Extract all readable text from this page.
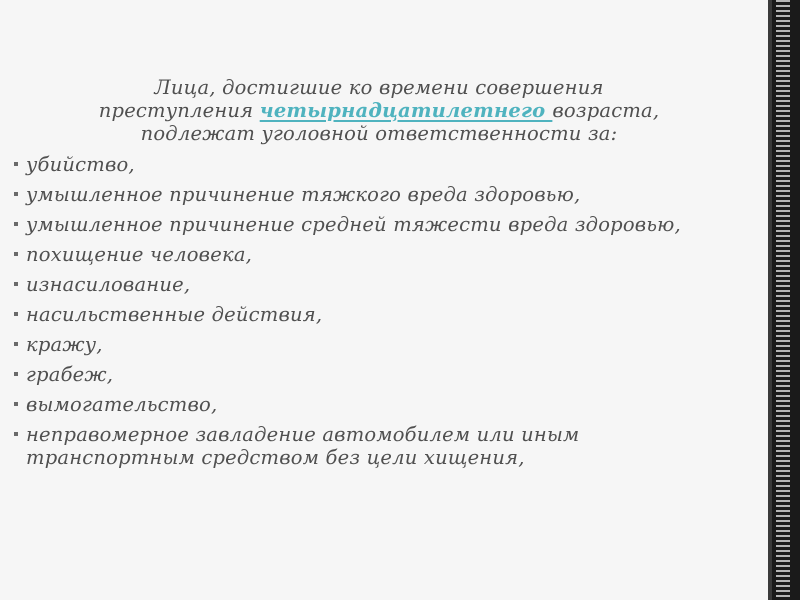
Лица, достигшие ко времени совершения
преступления четырнадцатилетнего возраста,
подлежат уголовной ответственности за:

убийство,
умышленное причинение тяжкого вреда здоровью,
умышленное причинение средней тяжести вреда здоровью,
похищение человека,
изнасилование,
насильственные действия,
кражу,
грабеж,
вымогательство,
неправомерное завладение автомобилем или иным транспортным средством без цели хищения,
